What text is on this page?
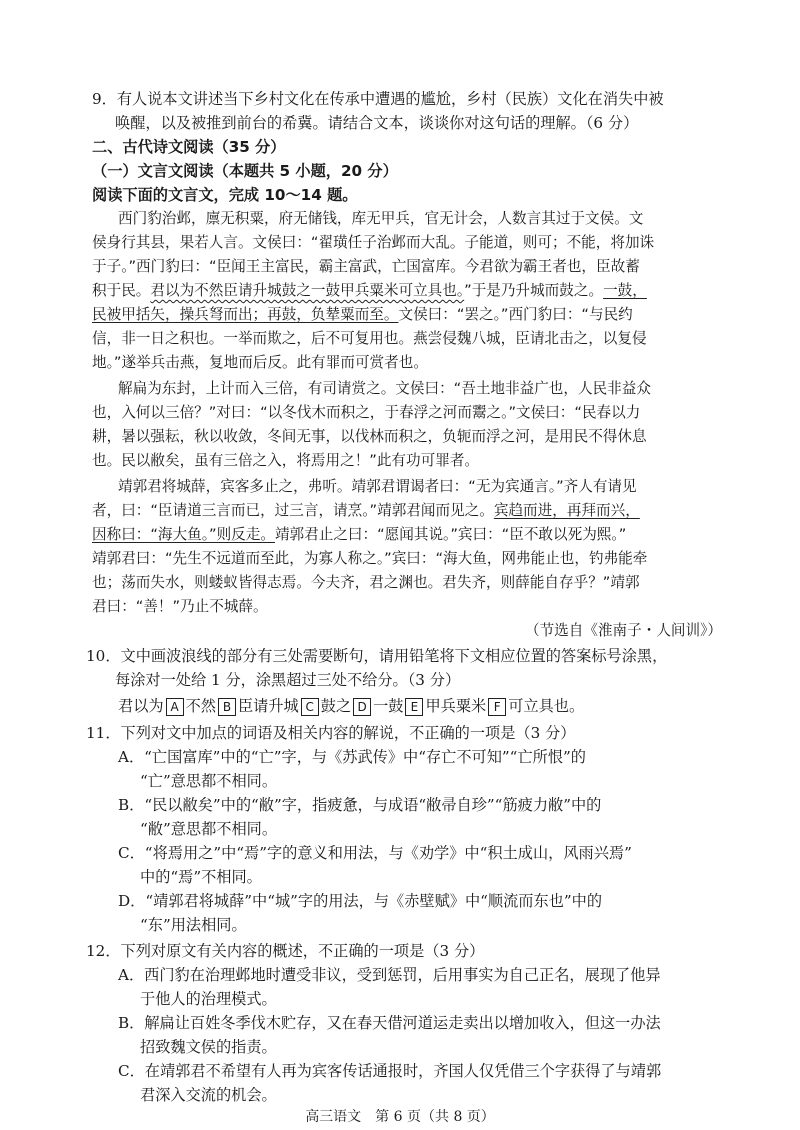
9．有人说本文讲述当下乡村文化在传承中遭遇的尴尬，乡村（民族）文化在消失中被
唤醒，以及被推到前台的希冀。请结合文本，谈谈你对这句话的理解。（6 分）
二、古代诗文阅读（35 分）
（一）文言文阅读（本题共 5 小题，20 分）
阅读下面的文言文，完成 10～14 题。
西门豹治邺，廪无积粟，府无储钱，库无甲兵，官无计会，人数言其过于文侯。文
侯身行其县，果若人言。文侯曰：“翟璜任子治邺而大乱。子能道，则可；不能，将加诛
于子。”西门豹曰：“臣闻王主富民，霸主富武，亡国富库。今君欲为霸王者也，臣故蓄
积于民。君以为不然臣请升城鼓之一鼓甲兵粟米可立具也。”于是乃升城而鼓之。一鼓，
民被甲括矢，操兵弩而出；再鼓，负辇粟而至。文侯曰：“罢之。”西门豹曰：“与民约
信，非一日之积也。一举而欺之，后不可复用也。燕尝侵魏八城，臣请北击之，以复侵
地。”遂举兵击燕，复地而后反。此有罪而可赏者也。
解扁为东封，上计而入三倍，有司请赏之。文侯曰：“吾土地非益广也，人民非益众
也，入何以三倍？”对曰：“以冬伐木而积之，于春浮之河而鬻之。”文侯曰：“民春以力
耕，暑以强耘，秋以收敛，冬间无事，以伐林而积之，负轭而浮之河，是用民不得休息
也。民以敝矣，虽有三倍之入，将焉用之！”此有功可罪者。
靖郭君将城薛，宾客多止之，弗听。靖郭君谓谒者曰：“无为宾通言。”齐人有请见
者，曰：“臣请道三言而已，过三言，请烹。”靖郭君闻而见之。宾趋而进，再拜而兴，
因称曰：“海大鱼。”则反走。靖郭君止之曰：“愿闻其说。”宾曰：“臣不敢以死为熙。”
靖郭君曰：“先生不远道而至此，为寡人称之。”宾曰：“海大鱼，网弗能止也，钓弗能牵
也；荡而失水，则蝼蚁皆得志焉。今夫齐，君之渊也。君失齐，则薛能自存乎？”靖郭
君曰：“善！”乃止不城薛。
（节选自《淮南子・人间训》）
10．文中画波浪线的部分有三处需要断句，请用铅笔将下文相应位置的答案标号涂黑，
每涂对一处给 1 分，涂黑超过三处不给分。（3 分）
君以为 A 不然 B 臣请升城 C 鼓之 D 一鼓 E 甲兵粟米 F 可立具也。
11．下列对文中加点的词语及相关内容的解说，不正确的一项是（3 分）
A．“亡国富库”中的“亡”字，与《苏武传》中“存亡不可知”“亡所恨”的
“亡”意思都不相同。
B．“民以敝矣”中的“敝”字，指疲惫，与成语“敝帚自珍”“筋疲力敝”中的
“敝”意思都不相同。
C．“将焉用之”中“焉”字的意义和用法，与《劝学》中“积土成山，风雨兴焉”
中的“焉”不相同。
D．“靖郭君将城薛”中“城”字的用法，与《赤壁赋》中“顺流而东也”中的
“东”用法相同。
12．下列对原文有关内容的概述，不正确的一项是（3 分）
A．西门豹在治理邺地时遭受非议，受到惩罚，后用事实为自己正名，展现了他异
于他人的治理模式。
B．解扁让百姓冬季伐木贮存，又在春天借河道运走卖出以增加收入，但这一办法
招致魏文侯的指责。
C．在靖郭君不希望有人再为宾客传话通报时，齐国人仅凭借三个字获得了与靖郭
君深入交流的机会。
高三语文　第 6 页（共 8 页）
